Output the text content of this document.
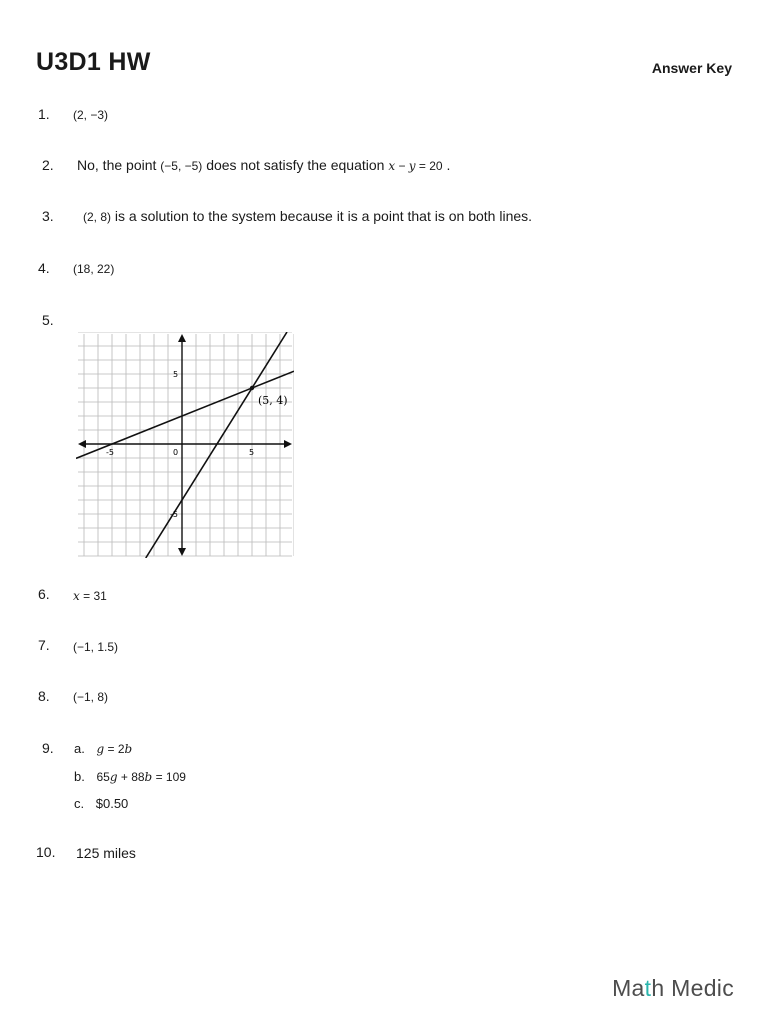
U3D1 HW	Answer Key
1. (2, −3)
2. No, the point (−5, −5) does not satisfy the equation x − y = 20 .
3. (2, 8) is a solution to the system because it is a point that is on both lines.
4. (18, 22)
5.
5
-5
-5	5
0
(5, 4)
6. x = 31
7. (−1, 1.5)
8. (−1, 8)
9. a. g = 2b
b. 65g + 88b = 109
c. $0.50
10. 125 miles
Math Medic
